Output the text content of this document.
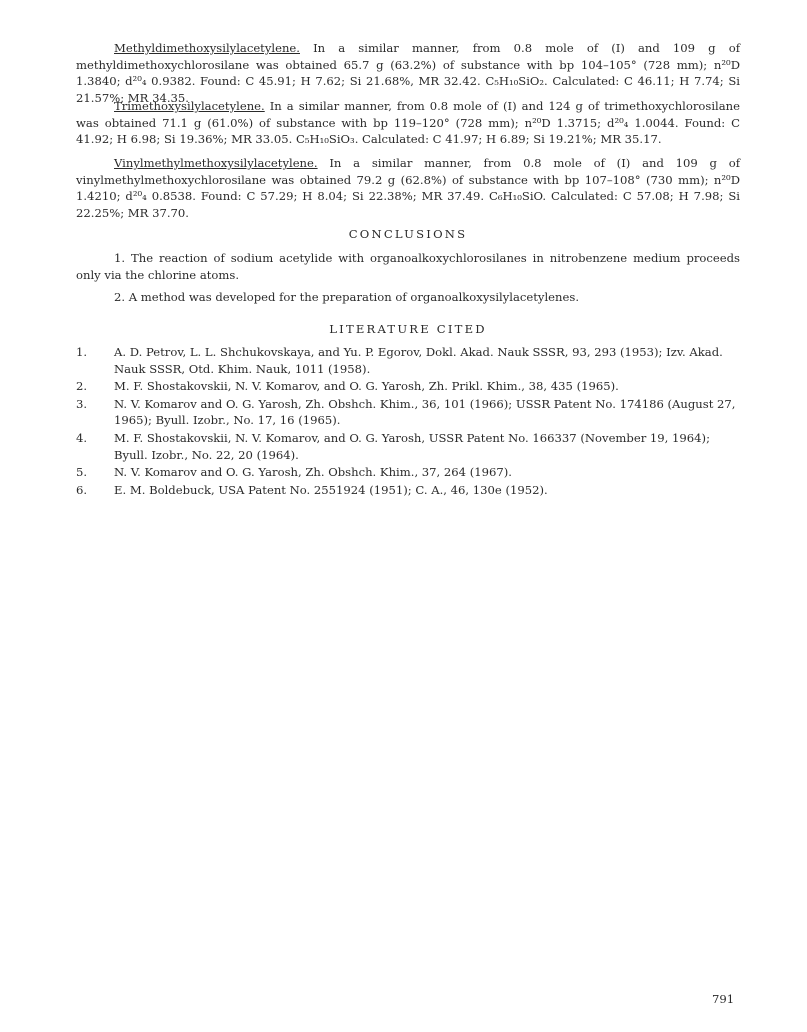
Methyldimethoxysilylacetylene. In a similar manner, from 0.8 mole of (I) and 109 g of methyldimethoxychlorosilane was obtained 65.7 g (63.2%) of substance with bp 104–105° (728 mm); n²⁰D 1.3840; d²⁰₄ 0.9382. Found: C 45.91; H 7.62; Si 21.68%, MR 32.42. C₅H₁₀SiO₂. Calculated: C 46.11; H 7.74; Si 21.57%; MR 34.35.

Trimethoxysilylacetylene. In a similar manner, from 0.8 mole of (I) and 124 g of trimethoxychlorosilane was obtained 71.1 g (61.0%) of substance with bp 119–120° (728 mm); n²⁰D 1.3715; d²⁰₄ 1.0044. Found: C 41.92; H 6.98; Si 19.36%; MR 33.05. C₅H₁₀SiO₃. Calculated: C 41.97; H 6.89; Si 19.21%; MR 35.17.

Vinylmethylmethoxysilylacetylene. In a similar manner, from 0.8 mole of (I) and 109 g of vinylmethylmethoxychlorosilane was obtained 79.2 g (62.8%) of substance with bp 107–108° (730 mm); n²⁰D 1.4210; d²⁰₄ 0.8538. Found: C 57.29; H 8.04; Si 22.38%; MR 37.49. C₆H₁₀SiO. Calculated: C 57.08; H 7.98; Si 22.25%; MR 37.70.

CONCLUSIONS

1. The reaction of sodium acetylide with organoalkoxychlorosilanes in nitrobenzene medium proceeds only via the chlorine atoms.

2. A method was developed for the preparation of organoalkoxysilylacetylenes.

LITERATURE CITED

1. A. D. Petrov, L. L. Shchukovskaya, and Yu. P. Egorov, Dokl. Akad. Nauk SSSR, 93, 293 (1953); Izv. Akad. Nauk SSSR, Otd. Khim. Nauk, 1011 (1958).
2. M. F. Shostakovskii, N. V. Komarov, and O. G. Yarosh, Zh. Prikl. Khim., 38, 435 (1965).
3. N. V. Komarov and O. G. Yarosh, Zh. Obshch. Khim., 36, 101 (1966); USSR Patent No. 174186 (August 27, 1965); Byull. Izobr., No. 17, 16 (1965).
4. M. F. Shostakovskii, N. V. Komarov, and O. G. Yarosh, USSR Patent No. 166337 (November 19, 1964); Byull. Izobr., No. 22, 20 (1964).
5. N. V. Komarov and O. G. Yarosh, Zh. Obshch. Khim., 37, 264 (1967).
6. E. M. Boldebuck, USA Patent No. 2551924 (1951); C. A., 46, 130e (1952).
791
